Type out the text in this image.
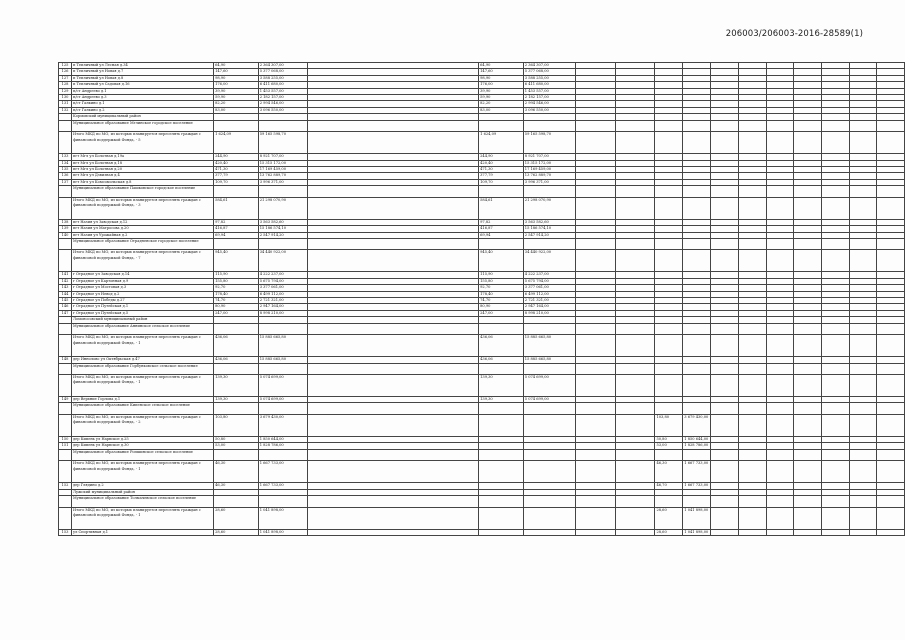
206003/206003-2016-28589(1)
125	п Тепличный ул Лесная д.34	64,90	2 364 307,00		64,90	2 364 307,00											
126	п Тепличный ул Новая д.7	147,60	5 377 068,00		147,60	5 377 068,00											
127	п Тепличный ул Новая д.8	98,90	3 588 255,00		98,90	3 588 255,00											
128	п Тепличный ул Садовая д.16	176,00	6 411 680,00		176,00	6 411 680,00											
129	п/ст Андреево д.1	39,90	1 453 557,00		39,90	1 453 557,00											
130	п/ст Андреево д.3	59,90	2 182 157,00		59,90	2 182 157,00											
131	п/ст Галкино д.1	82,20	2 994 546,00		82,20	2 994 546,00											
132	п/ст Галкино д.2	83,00	3 096 550,00		83,00	3 096 550,00											
	Кормовский муниципальный район																
	Муниципальное образование Мглинское городское поселение																
	Итого МКД по МО, из которых планируется переселять граждан с финансовой поддержкой Фонда, - 5	1 624,09	59 165 598,70		1 624,09	59 165 598,70											
133	пгт Мгл ул Болотная д.19а	244,90	8 921 707,00		244,90	8 921 707,00											
134	пгт Мгл ул Болотная д.18	420,40	15 315 172,00		420,40	15 315 172,00											
135	пгт Мгл ул Болотная д.20	471,30	17 169 459,00		471,30	17 169 459,00											
136	пгт Мгл ул Дзвизная д.4	377,79	13 762 889,70		377,79	13 762 889,70											
137	пгт Мгл ул Комсомольская д.8	109,70	3 996 371,00		109,70	3 996 371,00											
	Муниципальное образование Пашковское городское поселение																
	Итого МКД по МО, из которых планируется переселять граждан с финансовой поддержкой Фонда, - 3	584,61	21 298 070,90		584,61	21 298 070,90											
138	пгт Назия ул Заводская д.12	97,82	3 563 582,60		97,82	3 563 582,60											
139	пгт Назия ул Матросова д.20	416,87	15 186 574,10		416,87	15 186 574,10											
140	пгт Назия ул Урожайная д.2	69,94	2 547 914,20		69,94	2 547 914,20											
	Муниципальное образование Отрадненское городское поселение																
	Итого МКД по МО, из которых планируется переселять граждан с финансовой поддержкой Фонда, - 7	945,40	34 440 922,00		945,40	34 440 922,00											
141	г Отрадное ул Заводская д.14	115,90	4 222 237,00		115,90	4 222 237,00											
142	г Отрадное ул Картонная д.9	155,80	5 675 794,00		155,80	5 675 794,00											
143	г Отрадное ул Мостовая д.3	92,70	3 377 061,00		92,70	3 377 061,00											
144	г Отрадное ул Невод д.2	178,40	6 499 112,00		178,40	6 499 112,00											
145	г Отрадное ул Победы д.27	74,70	2 721 321,00		74,70	2 721 321,00											
146	г Отрадное ул Путейская д.1	80,90	2 947 164,00		80,90	2 947 164,00											
147	г Отрадное ул Путейская д.5	247,00	8 998 210,00		247,00	8 998 210,00											
	Ломоносовский муниципальный район																
	Муниципальное образование Аннинское сельское поселение																
	Итого МКД по МО, из которых планируется переселять граждан с финансовой поддержкой Фонда, - 1	436,06	15 885 665,80		436,06	15 885 665,80											
148	дер Иннолово ул Октябрьская д.47	436,06	15 885 665,80		436,06	15 885 665,80											
	Муниципальное образование Горбунковское сельское поселение																
	Итого МКД по МО, из которых планируется переселять граждан с финансовой поддержкой Фонда, - 1	139,30	5 074 699,00		139,30	5 074 699,00											
149	дер Верхние Горлова д.1	139,30	5 074 699,00		139,30	5 074 699,00											
	Муниципальное образование Кипенское сельское поселение																
	Итого МКД по МО, из которых планируется переселять граждан с финансовой поддержкой Фонда, - 2	103,80	3 679 430,00						103,80	3 679 430,00							
150	дер Кипень ул Нарвское д.25	50,80	1 850 644,00						50,80	1 850 644,00							
151	дер Кипень ул Нарвское д.30	53,00	1 828 786,00						53,00	1 828 786,00							
	Муниципальное образование Ропшинское сельское поселение																
	Итого МКД по МО, из которых планируется переселять граждан с финансовой поддержкой Фонда, - 1	46,30	1 667 733,00						46,30	1 667 733,00							
152	дер Глядино д.2	46,30	1 667 733,00						46,70	1 667 733,00							
	Лужский муниципальный район																
	Муниципальное образование Толмачевское сельское поселение																
	Итого МКД по МО, из которых планируется переселять граждан с финансовой поддержкой Фонда, - 1	28,60	1 041 898,00						28,60	1 041 898,00							
153	ул Спортивная д.1	28,60	1 041 898,00						28,60	1 041 898,00							
